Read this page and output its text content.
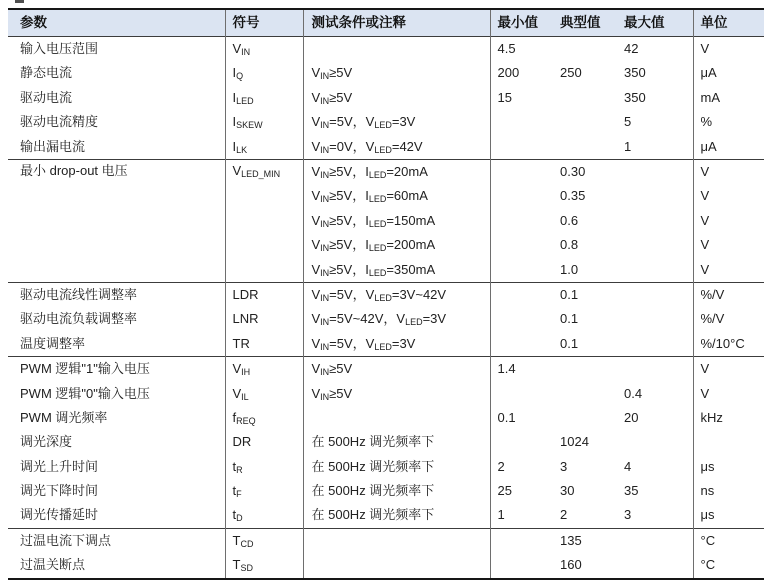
参数	符号	测试条件或注释	最小值	典型值	最大值	单位
输入电压范围	$V_{IN}$		4.5		42	V
静态电流	$I_Q$	$V_{IN}\ge 5V$	200	250	350	μA
驱动电流	$I_{LED}$	$V_{IN}\ge 5V$	15		350	mA
驱动电流精度	$I_{SKEW}$	$V_{IN}=5V$，$V_{LED}=3V$			5	%
输出漏电流	$I_{LK}$	$V_{IN}=0V$，$V_{LED}=42V$			1	μA
最小 drop-out 电压	$V_{LED\_MIN}$	$V_{IN}\ge 5V$，$I_{LED}=20mA$		0.30		V
		$V_{IN}\ge 5V$，$I_{LED}=60mA$		0.35		V
		$V_{IN}\ge 5V$，$I_{LED}=150mA$		0.6		V
		$V_{IN}\ge 5V$，$I_{LED}=200mA$		0.8		V
		$V_{IN}\ge 5V$，$I_{LED}=350mA$		1.0		V
驱动电流线性调整率	LDR	$V_{IN}=5V$，$V_{LED}=3V\sim 42V$		0.1		%/V
驱动电流负载调整率	LNR	$V_{IN}=5V\sim 42V$，$V_{LED}=3V$		0.1		%/V
温度调整率	TR	$V_{IN}=5V$，$V_{LED}=3V$		0.1		%/10°C
PWM 逻辑"1"输入电压	$V_{IH}$	$V_{IN}\ge 5V$	1.4			V
PWM 逻辑"0"输入电压	$V_{IL}$	$V_{IN}\ge 5V$			0.4	V
PWM 调光频率	$f_{REQ}$		0.1		20	kHz
调光深度	DR	在 500Hz 调光频率下		1024		
调光上升时间	$t_R$	在 500Hz 调光频率下	2	3	4	μs
调光下降时间	$t_F$	在 500Hz 调光频率下	25	30	35	ns
调光传播延时	$t_D$	在 500Hz 调光频率下	1	2	3	μs
过温电流下调点	$T_{CD}$			135		°C
过温关断点	$T_{SD}$			160		°C
